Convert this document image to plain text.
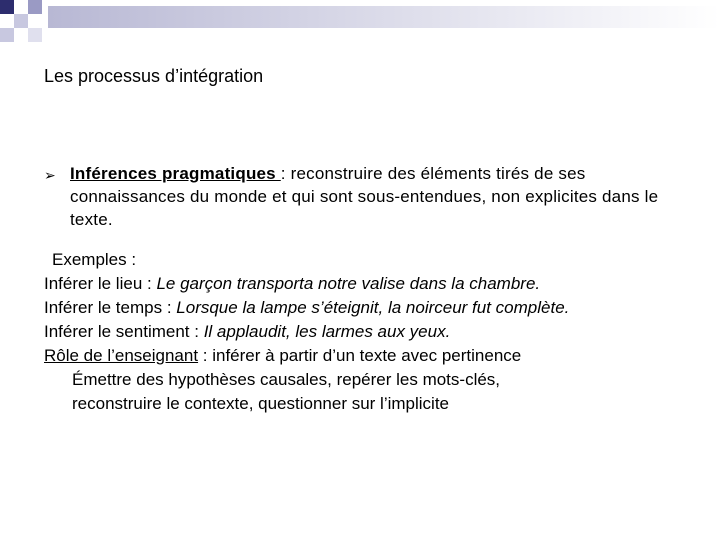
Les processus d’intégration
➢ Inférences pragmatiques : reconstruire des éléments tirés de ses connaissances du monde et qui sont sous-entendues, non explicites dans le texte.
Exemples :
Inférer le lieu : Le garçon transporta notre valise dans la chambre.
Inférer le temps : Lorsque la lampe s’éteignit, la noirceur fut complète.
Inférer le sentiment : Il applaudit, les larmes aux yeux.
Rôle de l’enseignant : inférer à partir d’un texte avec pertinence
Émettre des hypothèses causales, repérer les mots-clés,
reconstruire le contexte, questionner sur l’implicite
